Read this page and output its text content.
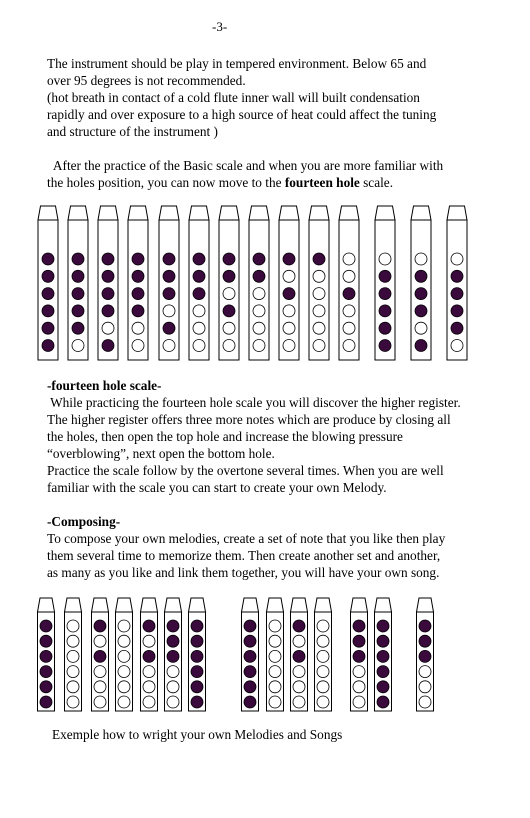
-3-
The instrument should be play in tempered environment. Below 65 and
over 95 degrees is not recommended.
(hot breath in contact of a cold flute inner wall will built condensation
rapidly and over exposure to a high source of heat could affect the tuning
and structure of the instrument )
After the practice of the Basic scale and when you are more familiar with
the holes position, you can now move to the fourteen hole scale.
-fourteen hole scale-
While practicing the fourteen hole scale you will discover the higher register.
The higher register offers three more notes which are produce by closing all
the holes, then open the top hole and increase the blowing pressure
“overblowing”, next open the bottom hole.
Practice the scale follow by the overtone several times. When you are well
familiar with the scale you can start to create your own Melody.
-Composing-
To compose your own melodies, create a set of note that you like then play
them several time to memorize them. Then create another set and another,
as many as you like and link them together, you will have your own song.
Exemple how to wright your own Melodies and Songs
